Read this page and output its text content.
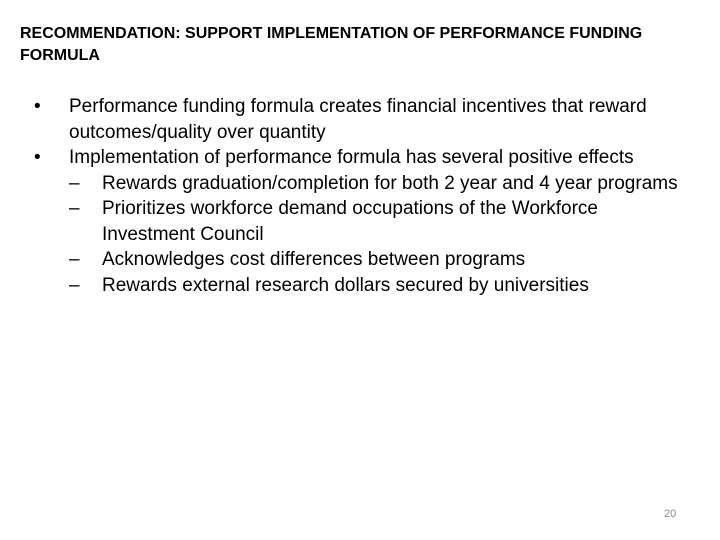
RECOMMENDATION: SUPPORT IMPLEMENTATION OF PERFORMANCE FUNDING FORMULA

•	Performance funding formula creates financial incentives that reward outcomes/quality over quantity

•	Implementation of performance formula has several positive effects

–	Rewards graduation/completion for both 2 year and 4 year programs

–	Prioritizes workforce demand occupations of the Workforce Investment Council

–	Acknowledges cost differences between programs

–	Rewards external research dollars secured by universities

20
